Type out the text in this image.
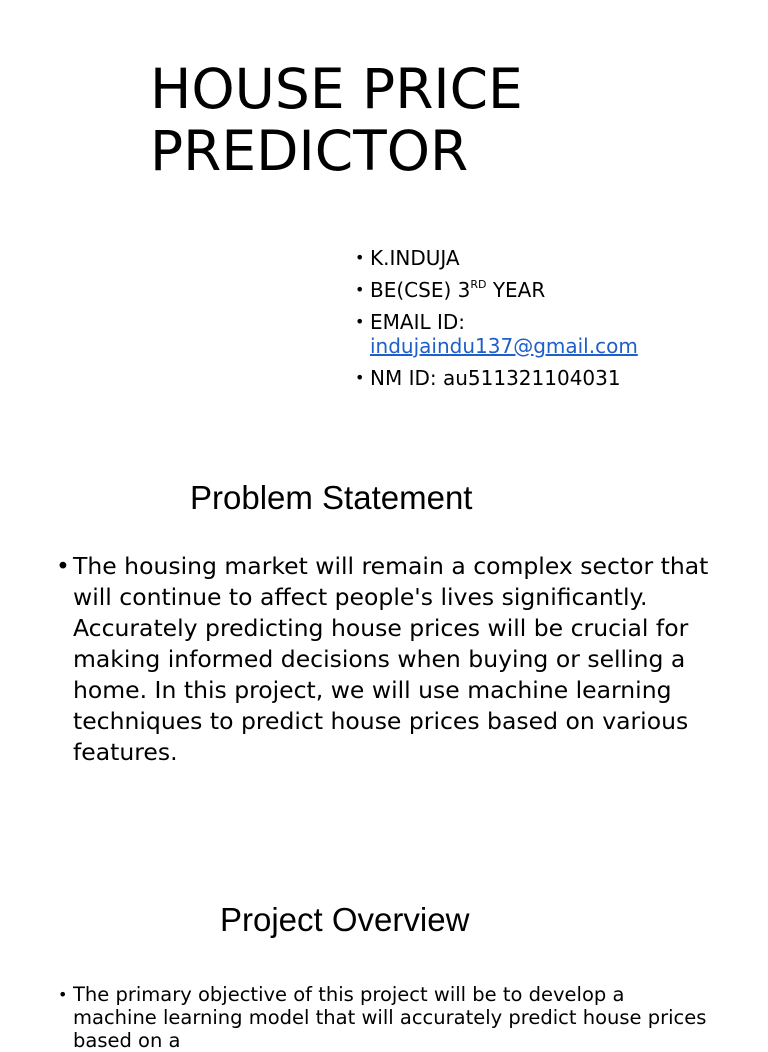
HOUSE PRICE
PREDICTOR
• K.INDUJA
• BE(CSE) 3RD YEAR
• EMAIL ID:
indujaindu137@gmail.com
• NM ID: au511321104031
Problem Statement
• The housing market will remain a complex sector that will continue to affect people's lives significantly. Accurately predicting house prices will be crucial for making informed decisions when buying or selling a home. In this project, we will use machine learning techniques to predict house prices based on various features.
Project Overview
• The primary objective of this project will be to develop a machine learning model that will accurately predict house prices based on a
